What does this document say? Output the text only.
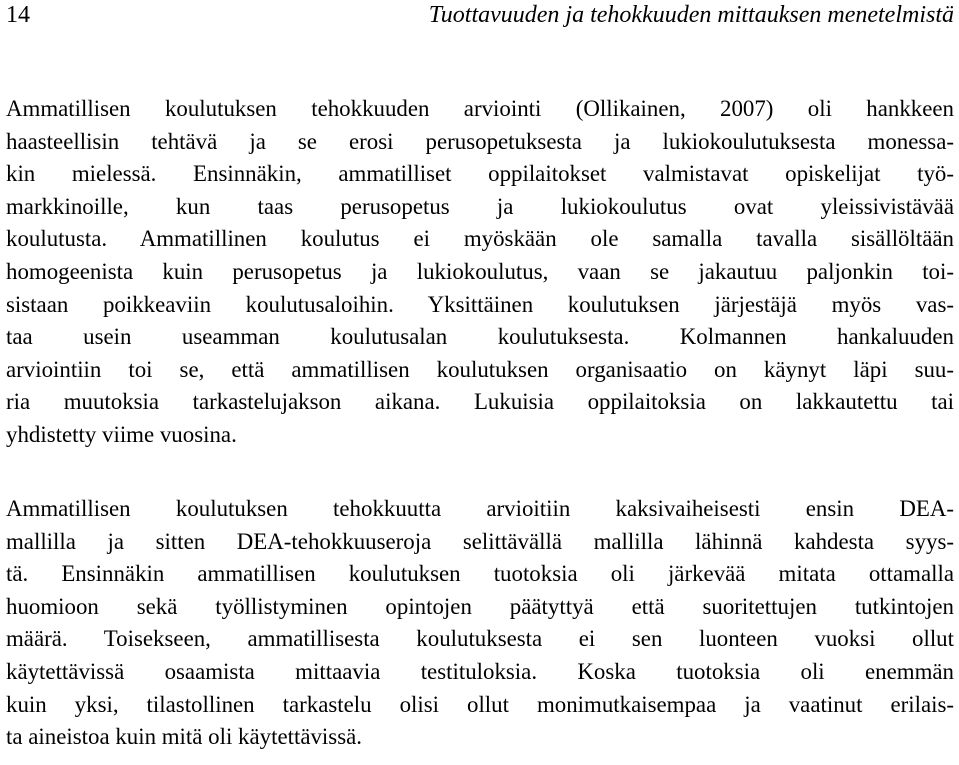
14	Tuottavuuden ja tehokkuuden mittauksen menetelmistä

Ammatillisen koulutuksen tehokkuuden arviointi (Ollikainen, 2007) oli hankkeen
haasteellisin tehtävä ja se erosi perusopetuksesta ja lukiokoulutuksesta monessa-
kin mielessä. Ensinnäkin, ammatilliset oppilaitokset valmistavat opiskelijat työ-
markkinoille, kun taas perusopetus ja lukiokoulutus ovat yleissivistävää
koulutusta. Ammatillinen koulutus ei myöskään ole samalla tavalla sisällöltään
homogeenista kuin perusopetus ja lukiokoulutus, vaan se jakautuu paljonkin toi-
sistaan poikkeaviin koulutusaloihin. Yksittäinen koulutuksen järjestäjä myös vas-
taa usein useamman koulutusalan koulutuksesta. Kolmannen hankaluuden
arviointiin toi se, että ammatillisen koulutuksen organisaatio on käynyt läpi suu-
ria muutoksia tarkastelujakson aikana. Lukuisia oppilaitoksia on lakkautettu tai
yhdistetty viime vuosina.

Ammatillisen koulutuksen tehokkuutta arvioitiin kaksivaiheisesti ensin DEA-
mallilla ja sitten DEA-tehokkuuseroja selittävällä mallilla lähinnä kahdesta syys-
tä. Ensinnäkin ammatillisen koulutuksen tuotoksia oli järkevää mitata ottamalla
huomioon sekä työllistyminen opintojen päätyttyä että suoritettujen tutkintojen
määrä. Toisekseen, ammatillisesta koulutuksesta ei sen luonteen vuoksi ollut
käytettävissä osaamista mittaavia testituloksia. Koska tuotoksia oli enemmän
kuin yksi, tilastollinen tarkastelu olisi ollut monimutkaisempaa ja vaatinut erilais-
ta aineistoa kuin mitä oli käytettävissä.
